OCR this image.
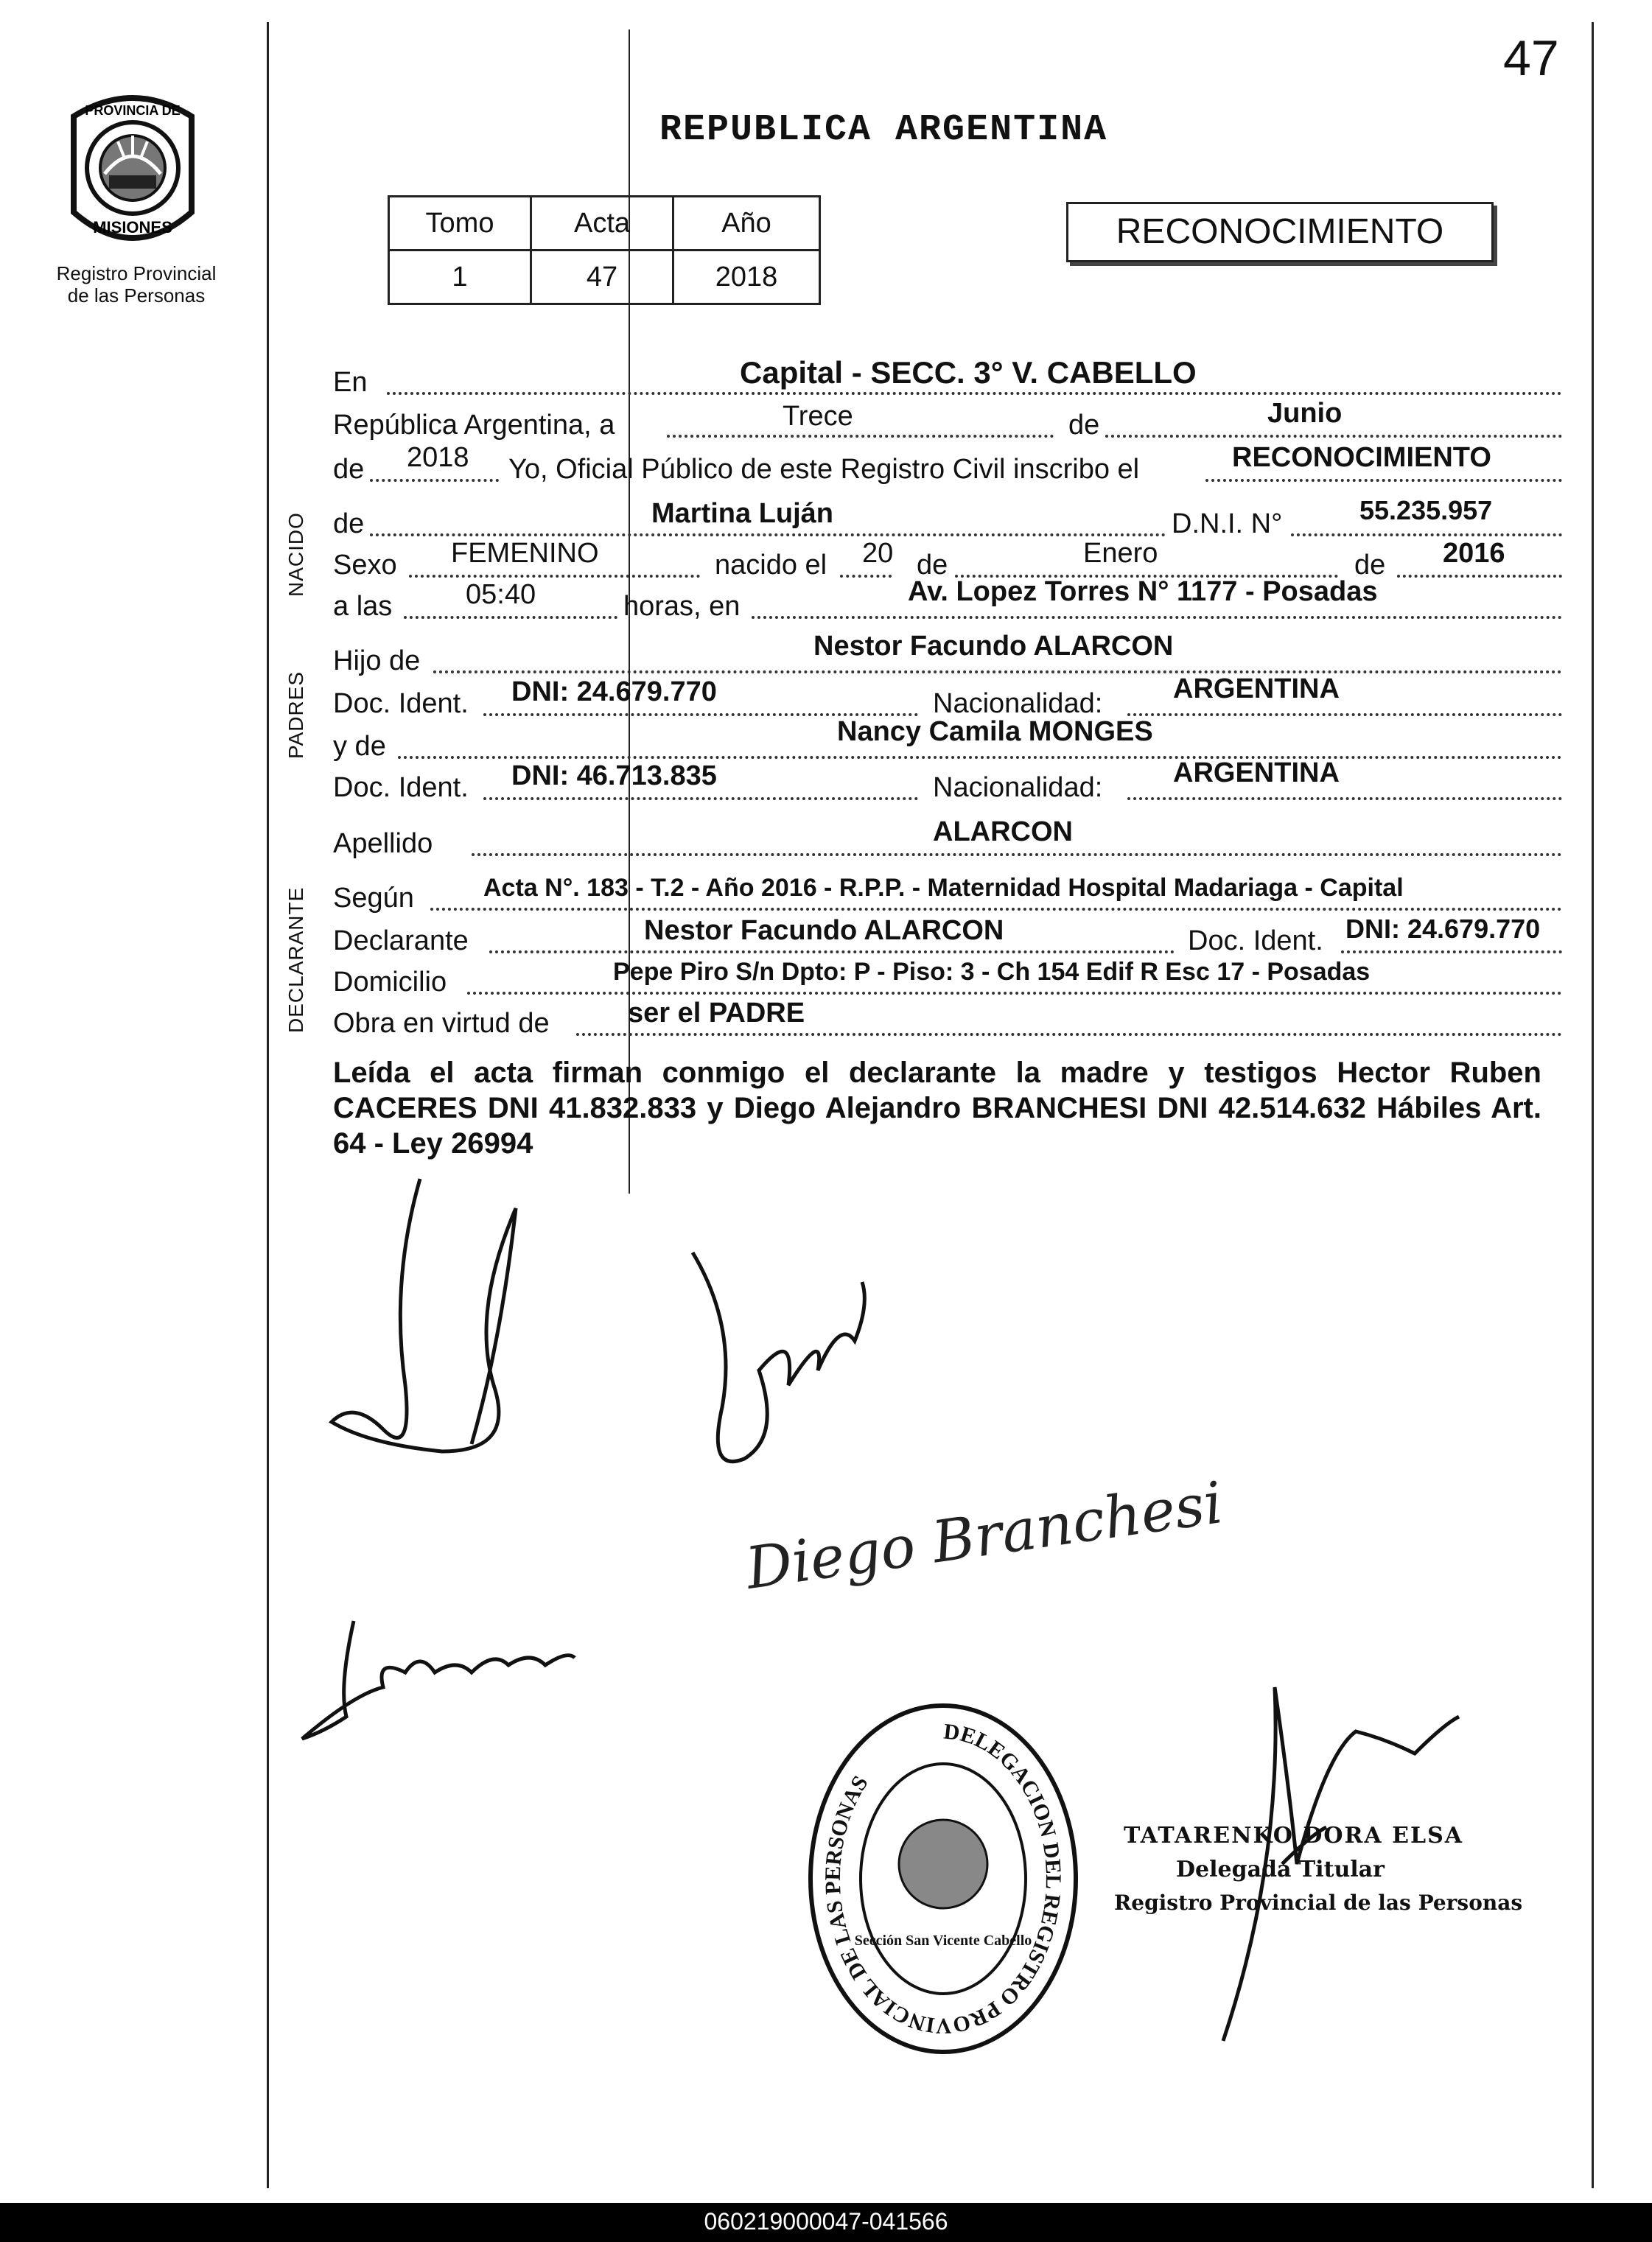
47
PROVINCIA DE
MISIONES
Registro Provincial
de las Personas
REPUBLICA ARGENTINA
Tomo	Acta	Año
1	47	2018
RECONOCIMIENTO
NACIDO
PADRES
DECLARANTE
En	Capital - SECC. 3° V. CABELLO
República Argentina, a	Trece	de	Junio
de 2018 Yo, Oficial Público de este Registro Civil inscribo el	RECONOCIMIENTO
de	Martina Luján	D.N.I. N°	55.235.957
Sexo FEMENINO	nacido el 20 de	Enero	de 2016
a las	05:40	horas, en	Av. Lopez Torres N° 1177 - Posadas
Hijo de	Nestor Facundo ALARCON
Doc. Ident. DNI: 24.679.770	Nacionalidad:	ARGENTINA
y de	Nancy Camila MONGES
Doc. Ident. DNI: 46.713.835	Nacionalidad:	ARGENTINA
Apellido	ALARCON
Según	Acta N°. 183 - T.2 - Año 2016 - R.P.P. - Maternidad Hospital Madariaga - Capital
Declarante	Nestor Facundo ALARCON	Doc. Ident. DNI: 24.679.770
Domicilio	Pepe Piro S/n Dpto: P - Piso: 3 - Ch 154 Edif R Esc 17 - Posadas
Obra en virtud de	ser el PADRE
Leída el acta firman conmigo el declarante la madre y testigos Hector Ruben CACERES DNI 41.832.833 y Diego Alejandro BRANCHESI DNI 42.514.632 Hábiles Art. 64 - Ley 26994
Diego Branchesi
DELEGACION DEL REGISTRO PROVINCIAL DE LAS PERSONAS
Sección San Vicente Cabello
TATARENKO DORA ELSA
Delegada Titular
Registro Provincial de las Personas
060219000047-041566
